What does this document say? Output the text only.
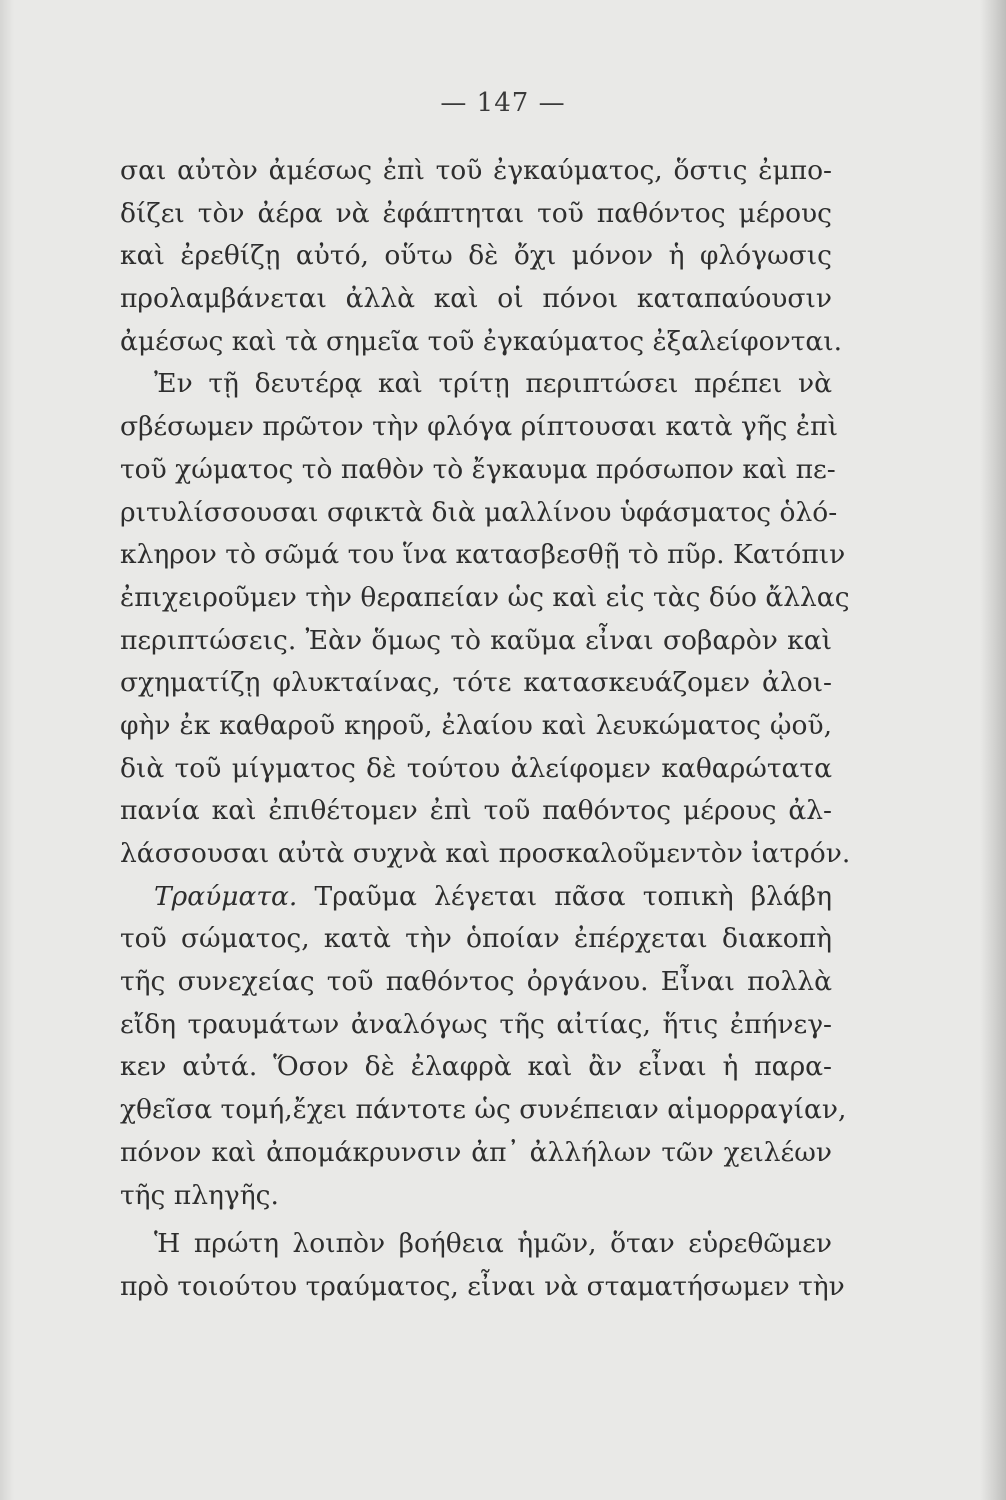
— 147 —
σαι αὐτὸν ἀμέσως ἐπὶ τοῦ ἐγκαύματος, ὅστις ἐμπο-
δίζει τὸν ἀέρα νὰ ἐφάπτηται τοῦ παθόντος μέρους
καὶ ἐρεθίζῃ αὐτό, οὕτω δὲ ὄχι μόνον ἡ φλόγωσις
προλαμβάνεται ἀλλὰ καὶ οἱ πόνοι καταπαύουσιν
ἀμέσως καὶ τὰ σημεῖα τοῦ ἐγκαύματος ἐξαλείφονται.
Ἐν τῇ δευτέρᾳ καὶ τρίτῃ περιπτώσει πρέπει νὰ
σβέσωμεν πρῶτον τὴν φλόγα ρίπτουσαι κατὰ γῆς ἐπὶ
τοῦ χώματος τὸ παθὸν τὸ ἔγκαυμα πρόσωπον καὶ πε-
ριτυλίσσουσαι σφικτὰ διὰ μαλλίνου ὑφάσματος ὁλό-
κληρον τὸ σῶμά του ἵνα κατασβεσθῇ τὸ πῦρ. Κατόπιν
ἐπιχειροῦμεν τὴν θεραπείαν ὡς καὶ εἰς τὰς δύο ἄλλας
περιπτώσεις. Ἐὰν ὅμως τὸ καῦμα εἶναι σοβαρὸν καὶ
σχηματίζῃ φλυκταίνας, τότε κατασκευάζομεν ἀλοι-
φὴν ἐκ καθαροῦ κηροῦ, ἐλαίου καὶ λευκώματος ᾠοῦ,
διὰ τοῦ μίγματος δὲ τούτου ἀλείφομεν καθαρώτατα
πανία καὶ ἐπιθέτομεν ἐπὶ τοῦ παθόντος μέρους ἀλ-
λάσσουσαι αὐτὰ συχνὰ καὶ προσκαλοῦμεντὸν ἰατρόν.
Τραύματα. Τραῦμα λέγεται πᾶσα τοπικὴ βλάβη
τοῦ σώματος, κατὰ τὴν ὁποίαν ἐπέρχεται διακοπὴ
τῆς συνεχείας τοῦ παθόντος ὀργάνου. Εἶναι πολλὰ
εἴδη τραυμάτων ἀναλόγως τῆς αἰτίας, ἥτις ἐπήνεγ-
κεν αὐτά. Ὅσον δὲ ἐλαφρὰ καὶ ἂν εἶναι ἡ παρα-
χθεῖσα τομή,ἔχει πάντοτε ὡς συνέπειαν αἱμορραγίαν,
πόνον καὶ ἀπομάκρυνσιν ἀπ᾽ ἀλλήλων τῶν χειλέων
τῆς πληγῆς.
Ἡ πρώτη λοιπὸν βοήθεια ἡμῶν, ὅταν εὑρεθῶμεν
πρὸ τοιούτου τραύματος, εἶναι νὰ σταματήσωμεν τὴν
